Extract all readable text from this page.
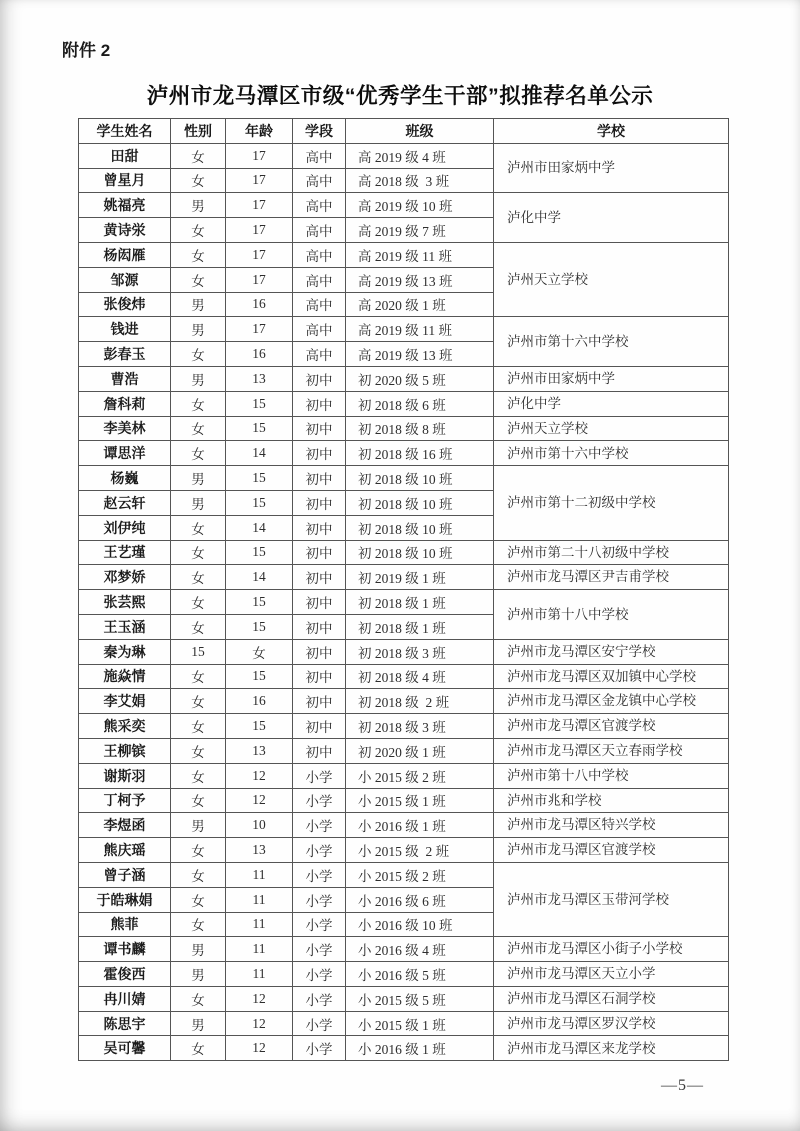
附件 2
泸州市龙马潭区市级“优秀学生干部”拟推荐名单公示
学生姓名	性别	年龄	学段	班级	学校
田甜	女	17	高中	高 2019 级 4 班	泸州市田家炳中学
曾星月	女	17	高中	高 2018 级  3 班	
姚福亮	男	17	高中	高 2019 级 10 班	泸化中学
黄诗泶	女	17	高中	高 2019 级 7 班	
杨闳雁	女	17	高中	高 2019 级 11 班	泸州天立学校
邹源	女	17	高中	高 2019 级 13 班	
张俊炜	男	16	高中	高 2020 级 1 班	
钱进	男	17	高中	高 2019 级 11 班	泸州市第十六中学校
彭春玉	女	16	高中	高 2019 级 13 班	
曹浩	男	13	初中	初 2020 级 5 班	泸州市田家炳中学
詹科莉	女	15	初中	初 2018 级 6 班	泸化中学
李美林	女	15	初中	初 2018 级 8 班	泸州天立学校
谭思洋	女	14	初中	初 2018 级 16 班	泸州市第十六中学校
杨巍	男	15	初中	初 2018 级 10 班	泸州市第十二初级中学校
赵云轩	男	15	初中	初 2018 级 10 班	
刘伊纯	女	14	初中	初 2018 级 10 班	
王艺瑾	女	15	初中	初 2018 级 10 班	泸州市第二十八初级中学校
邓梦娇	女	14	初中	初 2019 级 1 班	泸州市龙马潭区尹吉甫学校
张芸熙	女	15	初中	初 2018 级 1 班	泸州市第十八中学校
王玉涵	女	15	初中	初 2018 级 1 班	
秦为琳	15	女	初中	初 2018 级 3 班	泸州市龙马潭区安宁学校
施焱情	女	15	初中	初 2018 级 4 班	泸州市龙马潭区双加镇中心学校
李艾娟	女	16	初中	初 2018 级  2 班	泸州市龙马潭区金龙镇中心学校
熊采奕	女	15	初中	初 2018 级 3 班	泸州市龙马潭区官渡学校
王柳镔	女	13	初中	初 2020 级 1 班	泸州市龙马潭区天立春雨学校
谢斯羽	女	12	小学	小 2015 级 2 班	泸州市第十八中学校
丁柯予	女	12	小学	小 2015 级 1 班	泸州市兆和学校
李煜函	男	10	小学	小 2016 级 1 班	泸州市龙马潭区特兴学校
熊庆瑶	女	13	小学	小 2015 级  2 班	泸州市龙马潭区官渡学校
曾子涵	女	11	小学	小 2015 级 2 班	泸州市龙马潭区玉带河学校
于皓琳娟	女	11	小学	小 2016 级 6 班	
熊菲	女	11	小学	小 2016 级 10 班	
谭书麟	男	11	小学	小 2016 级 4 班	泸州市龙马潭区小街子小学校
霍俊西	男	11	小学	小 2016 级 5 班	泸州市龙马潭区天立小学
冉川婧	女	12	小学	小 2015 级 5 班	泸州市龙马潭区石洞学校
陈思宇	男	12	小学	小 2015 级 1 班	泸州市龙马潭区罗汉学校
吴可馨	女	12	小学	小 2016 级 1 班	泸州市龙马潭区来龙学校
—5—
